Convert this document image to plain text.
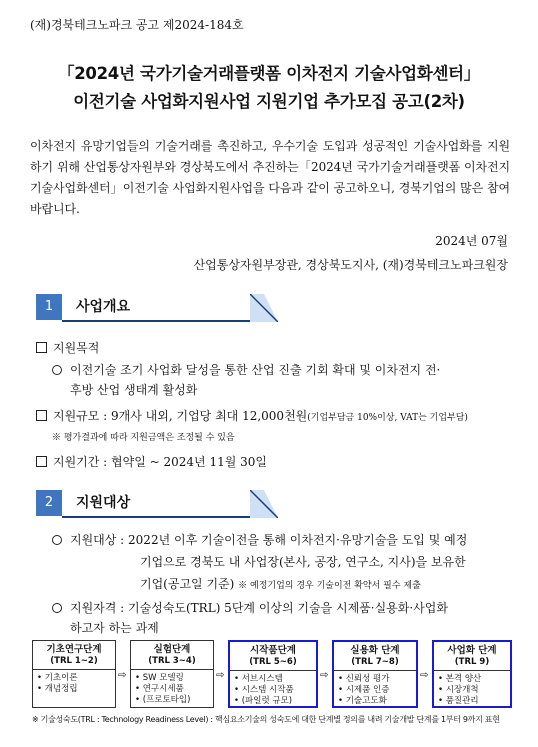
(재)경북테크노파크 공고 제2024-184호
「2024년 국가기술거래플랫폼 이차전지 기술사업화센터」
이전기술 사업화지원사업 지원기업 추가모집 공고(2차)
이차전지 유망기업들의 기술거래를 촉진하고, 우수기술 도입과 성공적인 기술사업화를 지원하기 위해 산업통상자원부와 경상북도에서 추진하는「2024년 국가기술거래플랫폼 이차전지 기술사업화센터」이전기술 사업화지원사업을 다음과 같이 공고하오니, 경북기업의 많은 참여 바랍니다.
2024년 07월
산업통상자원부장관, 경상북도지사, (재)경북테크노파크원장
1	사업개요
지원목적
이전기술 조기 사업화 달성을 통한 산업 진출 기회 확대 및 이차전지 전·
후방 산업 생태계 활성화
지원규모 : 9개사 내외, 기업당 최대 12,000천원(기업부담금 10%이상, VAT는 기업부담)
※ 평가결과에 따라 지원금액은 조정될 수 있음
지원기간 : 협약일 ~ 2024년 11월 30일
2	지원대상
지원대상 : 2022년 이후 기술이전을 통해 이차전지·유망기술을 도입 및 예정
기업으로 경북도 내 사업장(본사, 공장, 연구소, 지사)을 보유한
기업(공고일 기준) ※ 예정기업의 경우 기술이전 확약서 필수 제출
지원자격 : 기술성숙도(TRL) 5단계 이상의 기술을 시제품·실용화·사업화
하고자 하는 과제
기초연구단계
(TRL 1~2)
• 기초이론
• 개념정립
⇨
실험단계
(TRL 3~4)
• SW 모델링
• 연구시세품
• (프로토타입)
⇨
시작품단계
(TRL 5~6)
• 서브시스템
• 시스템 시작품
• (파일럿 규모)
⇨
실용화 단계
(TRL 7~8)
• 신뢰성 평가
• 시제품 인증
• 기술고도화
⇨
사업화 단계
(TRL 9)
• 본격 양산
• 시장개척
• 품질관리
※ 기술성숙도(TRL : Technology Readiness Level) : 핵심요소기술의 성숙도에 대한 단계별 정의를 내려 기술개발 단계를 1부터 9까지 표현
